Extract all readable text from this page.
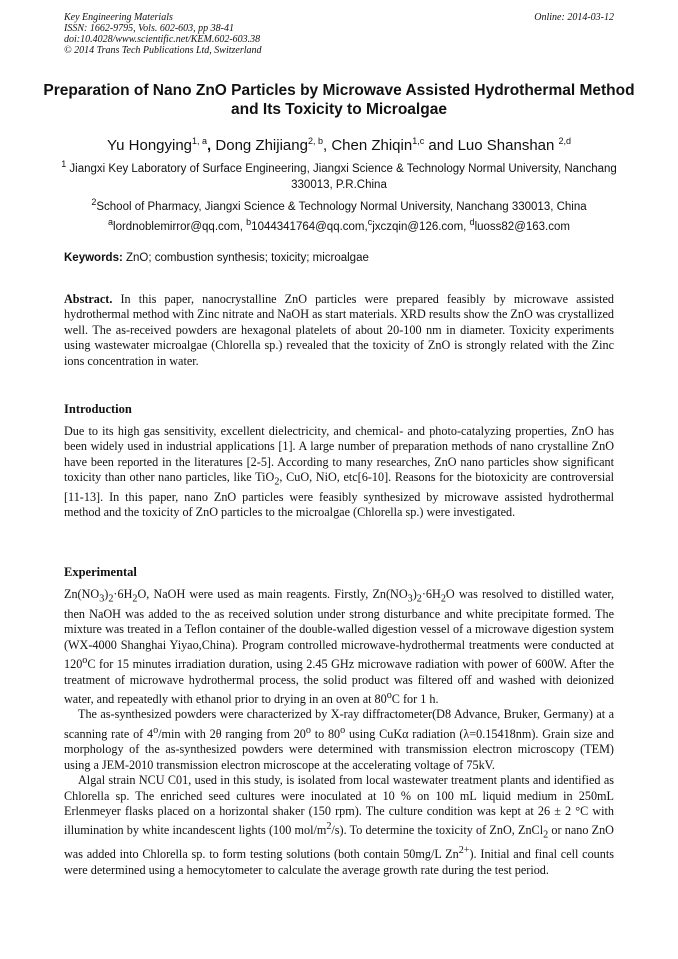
Key Engineering Materials
ISSN: 1662-9795, Vols. 602-603, pp 38-41
doi:10.4028/www.scientific.net/KEM.602-603.38
© 2014 Trans Tech Publications Ltd, Switzerland
Online: 2014-03-12
Preparation of Nano ZnO Particles by Microwave Assisted Hydrothermal Method and Its Toxicity to Microalgae
Yu Hongying$^{1, a}$, Dong Zhijiang$^{2, b}$, Chen Zhiqin$^{1,c}$ and Luo Shanshan $^{2,d}$
$^1$ Jiangxi Key Laboratory of Surface Engineering, Jiangxi Science & Technology Normal University, Nanchang 330013, P.R.China
$^2$School of Pharmacy, Jiangxi Science & Technology Normal University, Nanchang 330013, China
$^a$lordnoblemirror@qq.com, $^b$1044341764@qq.com,$^c$jxczqin@126.com, $^d$luoss82@163.com
Keywords: ZnO; combustion synthesis; toxicity; microalgae
Abstract. In this paper, nanocrystalline ZnO particles were prepared feasibly by microwave assisted hydrothermal method with Zinc nitrate and NaOH as start materials. XRD results show the ZnO was crystallized well. The as-received powders are hexagonal platelets of about 20-100 nm in diameter. Toxicity experiments using wastewater microalgae (Chlorella sp.) revealed that the toxicity of ZnO is strongly related with the Zinc ions concentration in water.
Introduction
Due to its high gas sensitivity, excellent dielectricity, and chemical- and photo-catalyzing properties, ZnO has been widely used in industrial applications [1]. A large number of preparation methods of nano crystalline ZnO have been reported in the literatures [2-5]. According to many researches, ZnO nano particles show significant toxicity than other nano particles, like TiO$_2$, CuO, NiO, etc[6-10]. Reasons for the biotoxicity are controversial [11-13]. In this paper, nano ZnO particles were feasibly synthesized by microwave assisted hydrothermal method and the toxicity of ZnO particles to the microalgae (Chlorella sp.) were investigated.
Experimental

$Zn(NO_3)_2\cdot 6H_2O$, NaOH were used as main reagents. Firstly, $Zn(NO_3)_2\cdot 6H_2O$ was resolved to distilled water, then NaOH was added to the as received solution under strong disturbance and white precipitate formed. The mixture was treated in a Teflon container of the double-walled digestion vessel of a microwave digestion system (WX-4000 Shanghai Yiyao,China). Program controlled microwave-hydrothermal treatments were conducted at 120$^o$C for 15 minutes irradiation duration, using 2.45 GHz microwave radiation with power of 600W. After the treatment of microwave hydrothermal process, the solid product was filtered off and washed with deionized water, and repeatedly with ethanol prior to drying in an oven at 80$^o$C for 1 h.

The as-synthesized powders were characterized by X-ray diffractometer(D8 Advance, Bruker, Germany) at a scanning rate of 4$^o$/min with 2θ ranging from 20$^o$ to 80$^o$ using CuKα radiation (λ=0.15418nm). Grain size and morphology of the as-synthesized powders were determined with transmission electron microscopy (TEM) using a JEM-2010 transmission electron microscope at the accelerating voltage of 75kV.

Algal strain NCU C01, used in this study, is isolated from local wastewater treatment plants and identified as Chlorella sp. The enriched seed cultures were inoculated at 10 % on 100 mL liquid medium in 250mL Erlenmeyer flasks placed on a horizontal shaker (150 rpm). The culture condition was kept at 26 ± 2 °C with illumination by white incandescent lights (100 mol/$m^2/s$). To determine the toxicity of ZnO, ZnCl$_2$ or nano ZnO was added into Chlorella sp. to form testing solutions (both contain 50mg/L $Zn^{2+}$). Initial and final cell counts were determined using a hemocytometer to calculate the average growth rate during the test period.
